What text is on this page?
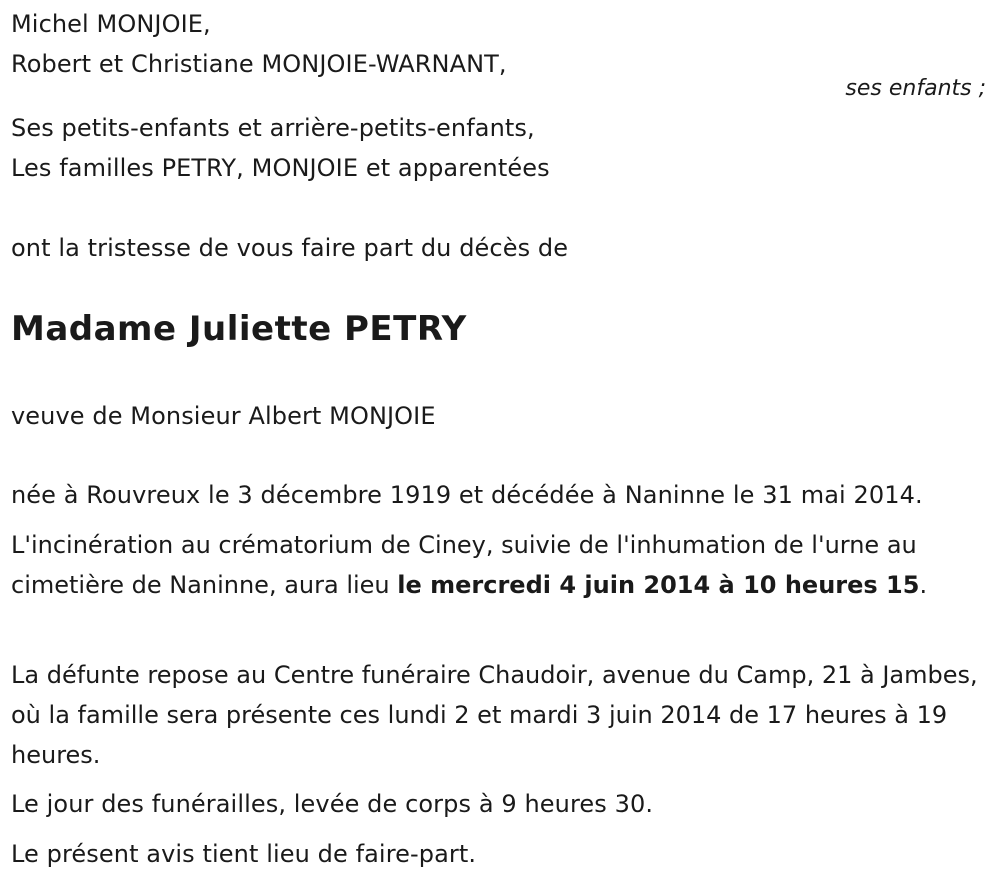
Michel MONJOIE,
Robert et Christiane MONJOIE-WARNANT,
ses enfants ;
Ses petits-enfants et arrière-petits-enfants,
Les familles PETRY, MONJOIE et apparentées
ont la tristesse de vous faire part du décès de
Madame Juliette PETRY
veuve de Monsieur Albert MONJOIE
née à Rouvreux le 3 décembre 1919 et décédée à Naninne le 31 mai 2014.
L'incinération au crématorium de Ciney, suivie de l'inhumation de l'urne au cimetière de Naninne, aura lieu le mercredi 4 juin 2014 à 10 heures 15.
La défunte repose au Centre funéraire Chaudoir, avenue du Camp, 21 à Jambes, où la famille sera présente ces lundi 2 et mardi 3 juin 2014 de 17 heures à 19 heures.
Le jour des funérailles, levée de corps à 9 heures 30.
Le présent avis tient lieu de faire-part.
